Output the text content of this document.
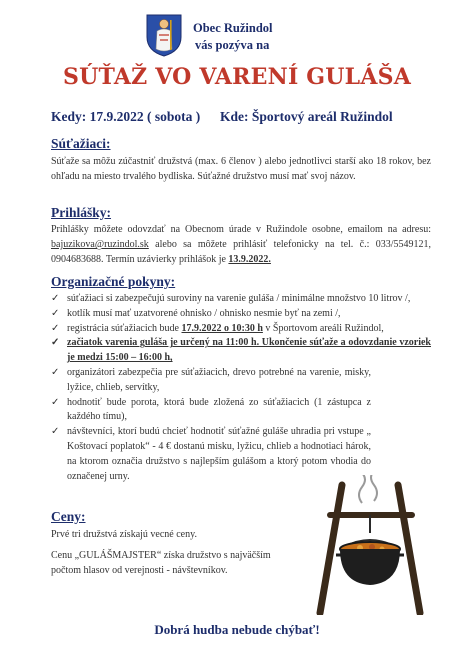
Obec Ružindol
vás pozýva na
SÚŤAŽ VO VARENÍ GULÁŠA
Kedy: 17.9.2022 ( sobota ) Kde: Športový areál Ružindol
Súťažiaci:
Súťaže sa môžu zúčastniť družstvá (max. 6 členov ) alebo jednotlivci starší ako 18 rokov, bez ohľadu na miesto trvalého bydliska. Súťažné družstvo musí mať svoj názov.
Prihlášky:
Prihlášky môžete odovzdať na Obecnom úrade v Ružindole osobne, emailom na adresu: bajuzikova@ruzindol.sk alebo sa môžete prihlásiť telefonicky na tel. č.: 033/5549121, 0904683688. Termín uzávierky prihlášok je 13.9.2022.
Organizačné pokyny:
✓ súťažiaci si zabezpečujú suroviny na varenie guláša / minimálne množstvo 10 litrov /,
✓ kotlík musí mať uzatvorené ohnisko / ohnisko nesmie byť na zemi /,
✓ registrácia súťažiacich bude 17.9.2022 o 10:30 h v Športovom areáli Ružindol,
✓ začiatok varenia guláša je určený na 11:00 h. Ukončenie súťaže a odovzdanie vzoriek je medzi 15:00 – 16:00 h,
✓ organizátori zabezpečia pre súťažiacich, drevo potrebné na varenie, misky, lyžice, chlieb, servítky,
✓ hodnotiť bude porota, ktorá bude zložená zo súťažiacich (1 zástupca z každého tímu),
✓ návštevníci, ktorí budú chcieť hodnotiť súťažné guláše uhradia pri vstupe „ Koštovací poplatok“ - 4 € dostanú misku, lyžicu, chlieb a hodnotiaci hárok, na ktorom označia družstvo s najlepším gulášom a ktorý potom vhodia do označenej urny.
Ceny:
Prvé tri družstvá získajú vecné ceny.
Cenu „GULÁŠMAJSTER“ získa družstvo s najväčším počtom hlasov od verejnosti - návštevníkov.
Dobrá hudba nebude chýbať!
